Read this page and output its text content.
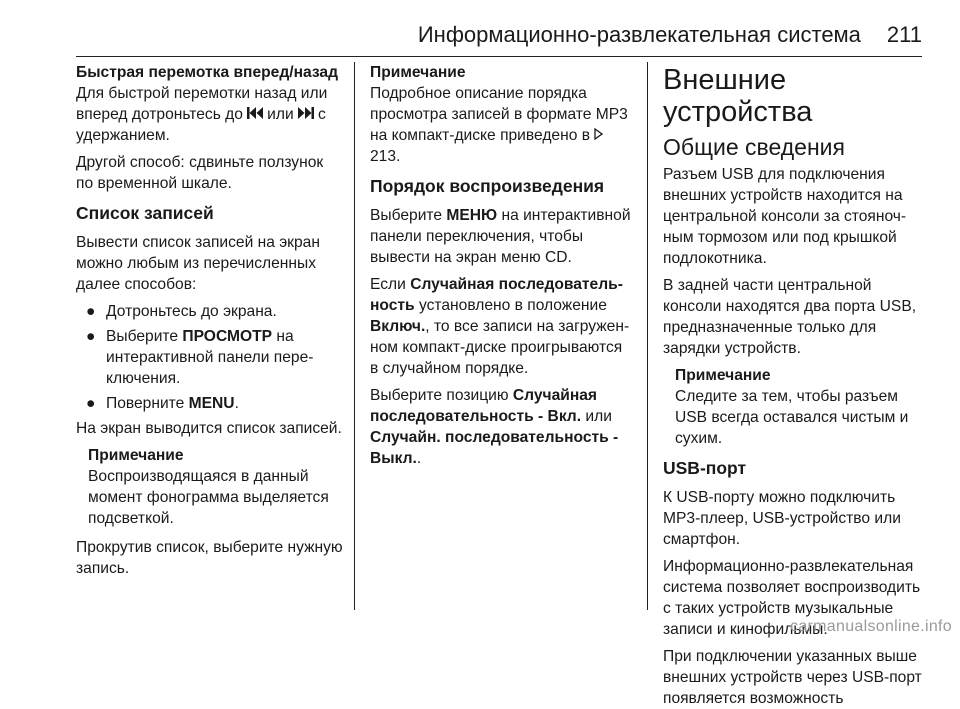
Информационно-развлекательная система 211
Быстрая перемотка вперед/назад

Для быстрой перемотки назад или вперед дотроньтесь до или с удержанием.

Другой способ: сдвиньте ползунок по временной шкале.

Список записей

Вывести список записей на экран можно любым из перечисленных далее способов:

● Дотроньтесь до экрана.
● Выберите ПРОСМОТР на интерактивной панели переключения.
● Поверните MENU.

На экран выводится список записей.

Примечание
Воспроизводящаяся в данный момент фонограмма выделяется подсветкой.

Прокрутив список, выберите нужную запись.

Примечание
Подробное описание порядка просмотра записей в формате MP3 на компакт-диске приведено в  213.
Порядок воспроизведения

Выберите МЕНЮ на интерактивной панели переключения, чтобы вывести на экран меню CD.

Если Случайная последовательность установлено в положение Включ., то все записи на загруженном компакт-диске проигрываются в случайном порядке.

Выберите позицию Случайная последовательность - Вкл. или Случайн. последовательность - Выкл..

Внешние устройства
Общие сведения

Разъем USB для подключения внешних устройств находится на центральной консоли за стояночным тормозом или под крышкой подлокотника.

В задней части центральной консоли находятся два порта USB, предназначенные только для зарядки устройств.

Примечание
Следите за тем, чтобы разъем USB всегда оставался чистым и сухим.
USB-порт

К USB-порту можно подключить MP3-плеер, USB-устройство или смартфон.

Информационно-развлекательная система позволяет воспроизводить с таких устройств музыкальные записи и кинофильмы.

При подключении указанных выше внешних устройств через USB-порт появляется возможность

carmanualsonline.info
